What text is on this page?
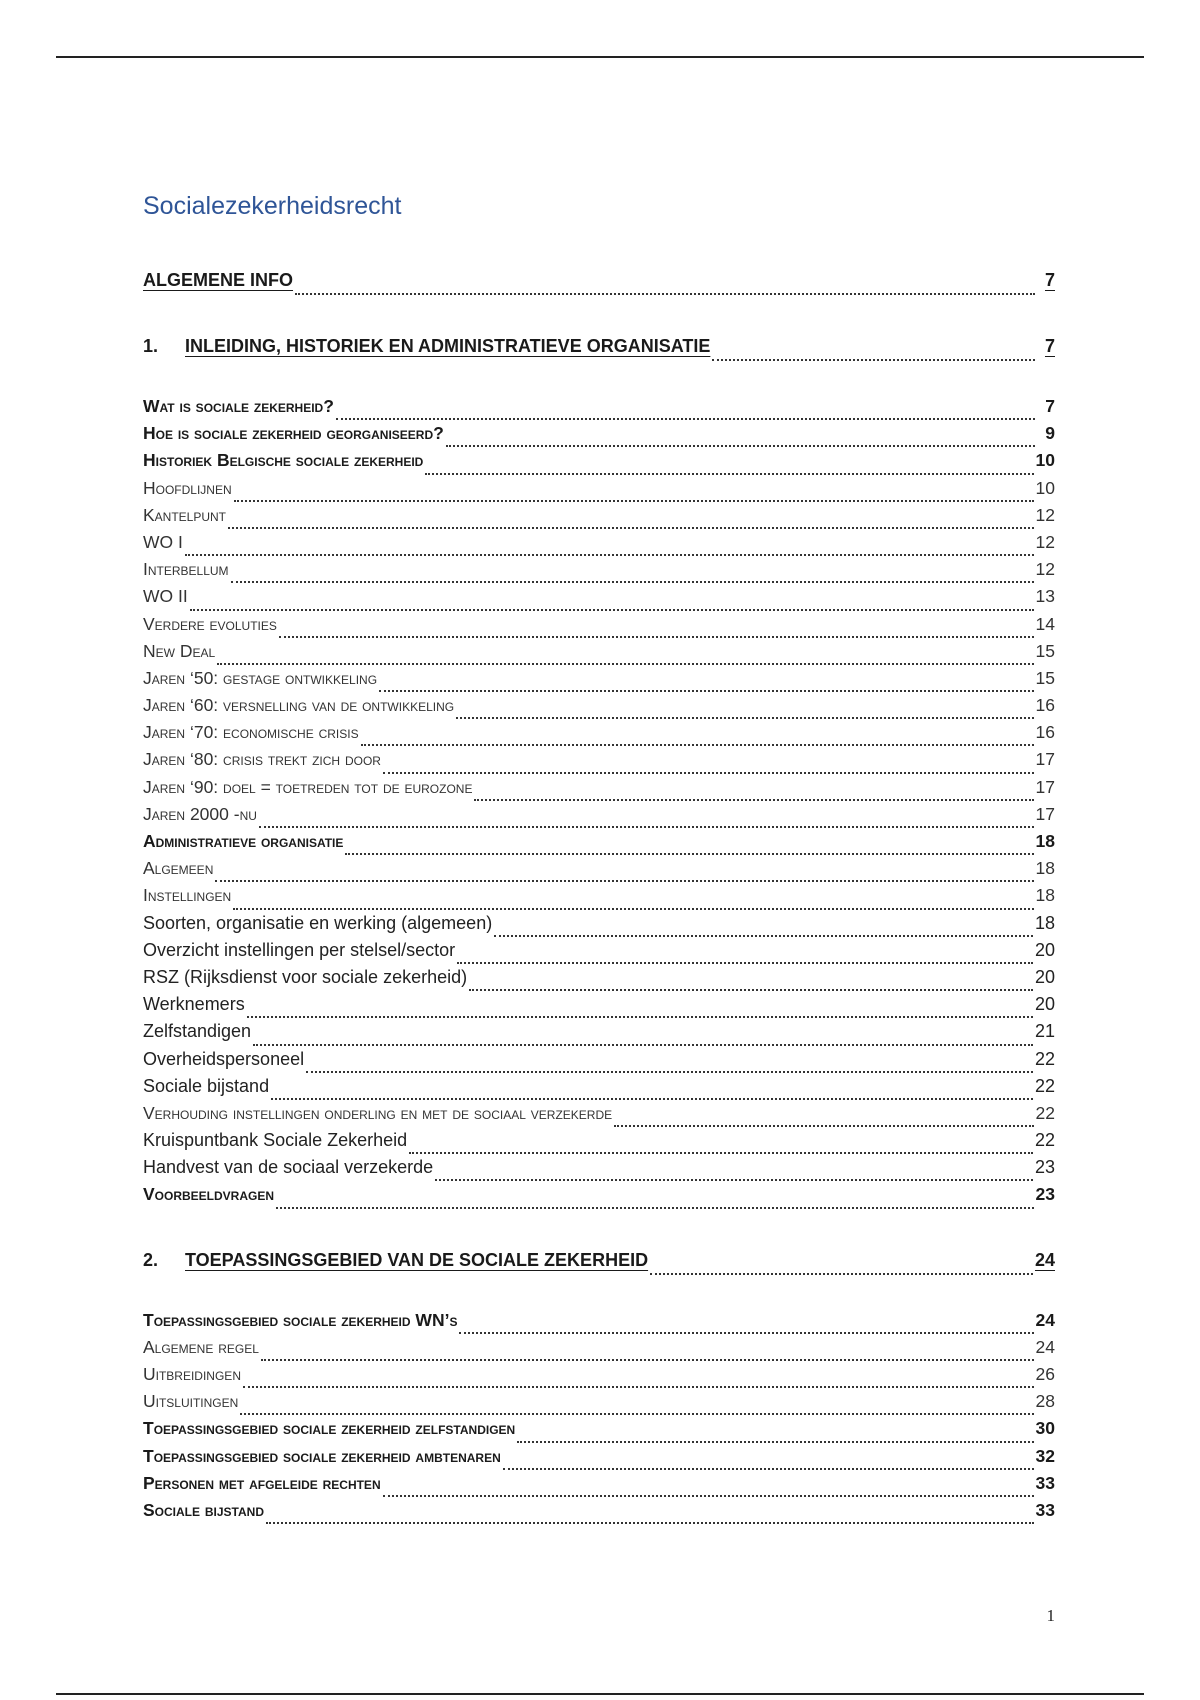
Socialezekerheidsrecht
ALGEMENE INFO	7
1. INLEIDING, HISTORIEK EN ADMINISTRATIEVE ORGANISATIE	7
Wat is sociale zekerheid?	7
Hoe is sociale zekerheid georganiseerd?	9
Historiek Belgische sociale zekerheid	10
Hoofdlijnen	10
Kantelpunt	12
WO I	12
Interbellum	12
WO II	13
Verdere evoluties	14
New Deal	15
Jaren ‘50: gestage ontwikkeling	15
Jaren ‘60: versnelling van de ontwikkeling	16
Jaren ‘70: economische crisis	16
Jaren ‘80: crisis trekt zich door	17
Jaren ‘90: doel = toetreden tot de eurozone	17
Jaren 2000 -nu	17
Administratieve organisatie	18
Algemeen	18
Instellingen	18
Soorten, organisatie en werking (algemeen)	18
Overzicht instellingen per stelsel/sector	20
RSZ (Rijksdienst voor sociale zekerheid)	20
Werknemers	20
Zelfstandigen	21
Overheidspersoneel	22
Sociale bijstand	22
Verhouding instellingen onderling en met de sociaal verzekerde	22
Kruispuntbank Sociale Zekerheid	22
Handvest van de sociaal verzekerde	23
Voorbeeldvragen	23
2. TOEPASSINGSGEBIED VAN DE SOCIALE ZEKERHEID	24
Toepassingsgebied sociale zekerheid WN’s	24
Algemene regel	24
Uitbreidingen	26
Uitsluitingen	28
Toepassingsgebied sociale zekerheid zelfstandigen	30
Toepassingsgebied sociale zekerheid ambtenaren	32
Personen met afgeleide rechten	33
Sociale bijstand	33
1
